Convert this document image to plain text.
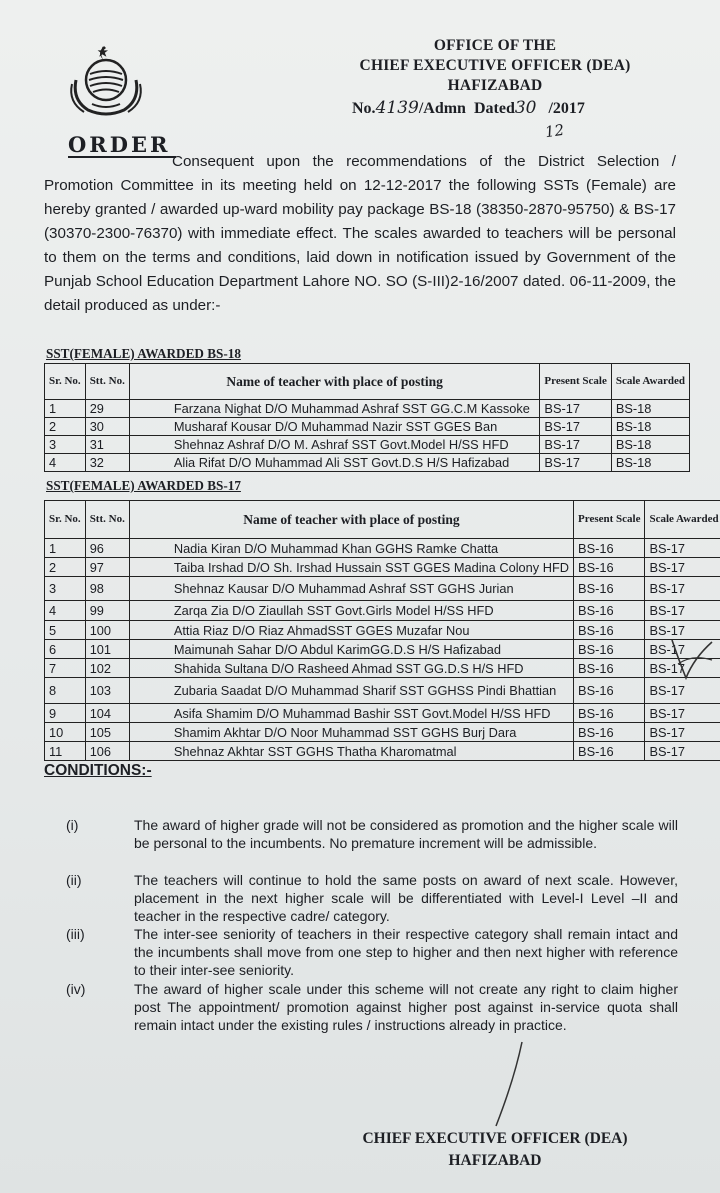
OFFICE OF THE
CHIEF EXECUTIVE OFFICER (DEA)
HAFIZABAD
No.4139/Admn Dated30 /2017
12
ORDER
Consequent upon the recommendations of the District Selection / Promotion Committee in its meeting held on 12-12-2017 the following SSTs (Female) are hereby granted / awarded up-ward mobility pay package BS-18 (38350-2870-95750) & BS-17 (30370-2300-76370) with immediate effect. The scales awarded to teachers will be personal to them on the terms and conditions, laid down in notification issued by Government of the Punjab School Education Department Lahore NO. SO (S-III)2-16/2007 dated. 06-11-2009, the detail produced as under:-
SST(FEMALE) AWARDED BS-18
Sr. No.	Stt. No.	Name of teacher with place of posting	Present Scale	Scale Awarded
1	29	Farzana Nighat D/O Muhammad Ashraf SST GG.C.M Kassoke	BS-17	BS-18
2	30	Musharaf Kousar D/O Muhammad Nazir SST GGES Ban	BS-17	BS-18
3	31	Shehnaz Ashraf D/O M. Ashraf SST Govt.Model H/SS HFD	BS-17	BS-18
4	32	Alia Rifat D/O Muhammad Ali SST Govt.D.S H/S Hafizabad	BS-17	BS-18
SST(FEMALE) AWARDED BS-17
Sr. No.	Stt. No.	Name of teacher with place of posting	Present Scale	Scale Awarded
1	96	Nadia Kiran D/O Muhammad Khan GGHS Ramke Chatta	BS-16	BS-17
2	97	Taiba Irshad D/O Sh. Irshad Hussain SST GGES Madina Colony HFD	BS-16	BS-17
3	98	Shehnaz Kausar D/O Muhammad Ashraf SST GGHS Jurian	BS-16	BS-17
4	99	Zarqa Zia D/O Ziaullah SST Govt.Girls Model H/SS HFD	BS-16	BS-17
5	100	Attia Riaz D/O Riaz AhmadSST GGES Muzafar Nou	BS-16	BS-17
6	101	Maimunah Sahar D/O Abdul KarimGG.D.S H/S Hafizabad	BS-16	BS-17
7	102	Shahida Sultana D/O Rasheed Ahmad SST GG.D.S H/S HFD	BS-16	BS-17
8	103	Zubaria Saadat D/O Muhammad Sharif SST GGHSS Pindi Bhattian	BS-16	BS-17
9	104	Asifa Shamim D/O Muhammad Bashir SST Govt.Model H/SS HFD	BS-16	BS-17
10	105	Shamim Akhtar D/O Noor Muhammad SST GGHS Burj Dara	BS-16	BS-17
11	106	Shehnaz Akhtar SST GGHS Thatha Kharomatmal	BS-16	BS-17
CONDITIONS:-
(i)	The award of higher grade will not be considered as promotion and the higher scale will be personal to the incumbents. No premature increment will be admissible.
(ii)	The teachers will continue to hold the same posts on award of next scale. However, placement in the next higher scale will be differentiated with Level-I Level –II and teacher in the respective cadre/ category.
(iii)	The inter-see seniority of teachers in their respective category shall remain intact and the incumbents shall move from one step to higher and then next higher with reference to their inter-see seniority.
(iv)	The award of higher scale under this scheme will not create any right to claim higher post The appointment/ promotion against higher post against in-service quota shall remain intact under the existing rules / instructions already in practice.
CHIEF EXECUTIVE OFFICER (DEA)
HAFIZABAD
